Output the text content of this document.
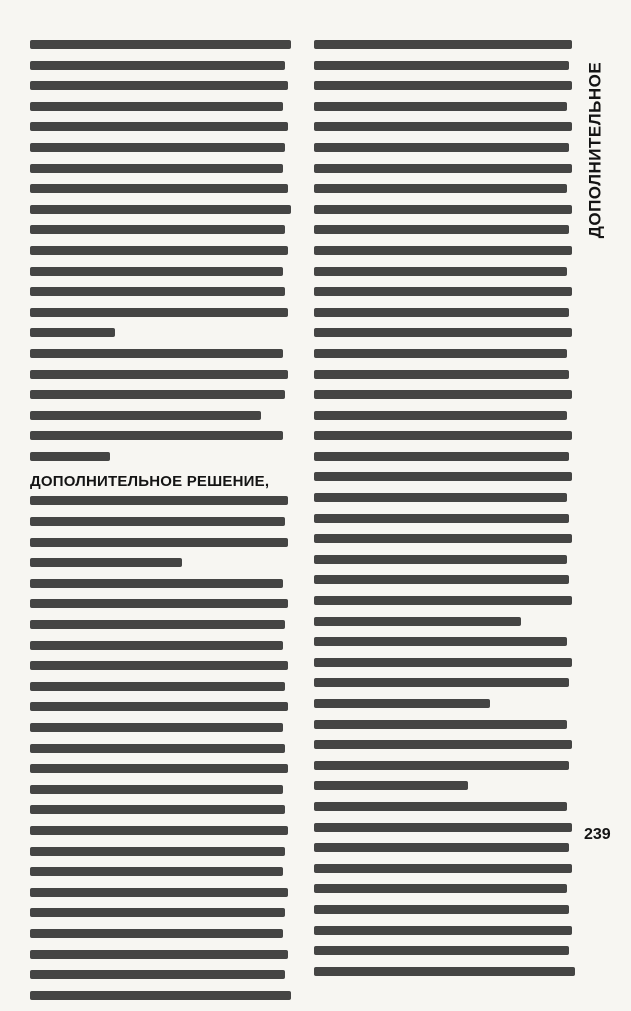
ДОПОЛНИТЕЛЬНОЕ
ДОПОЛНИТЕЛЬНОЕ РЕШЕНИЕ,
239
